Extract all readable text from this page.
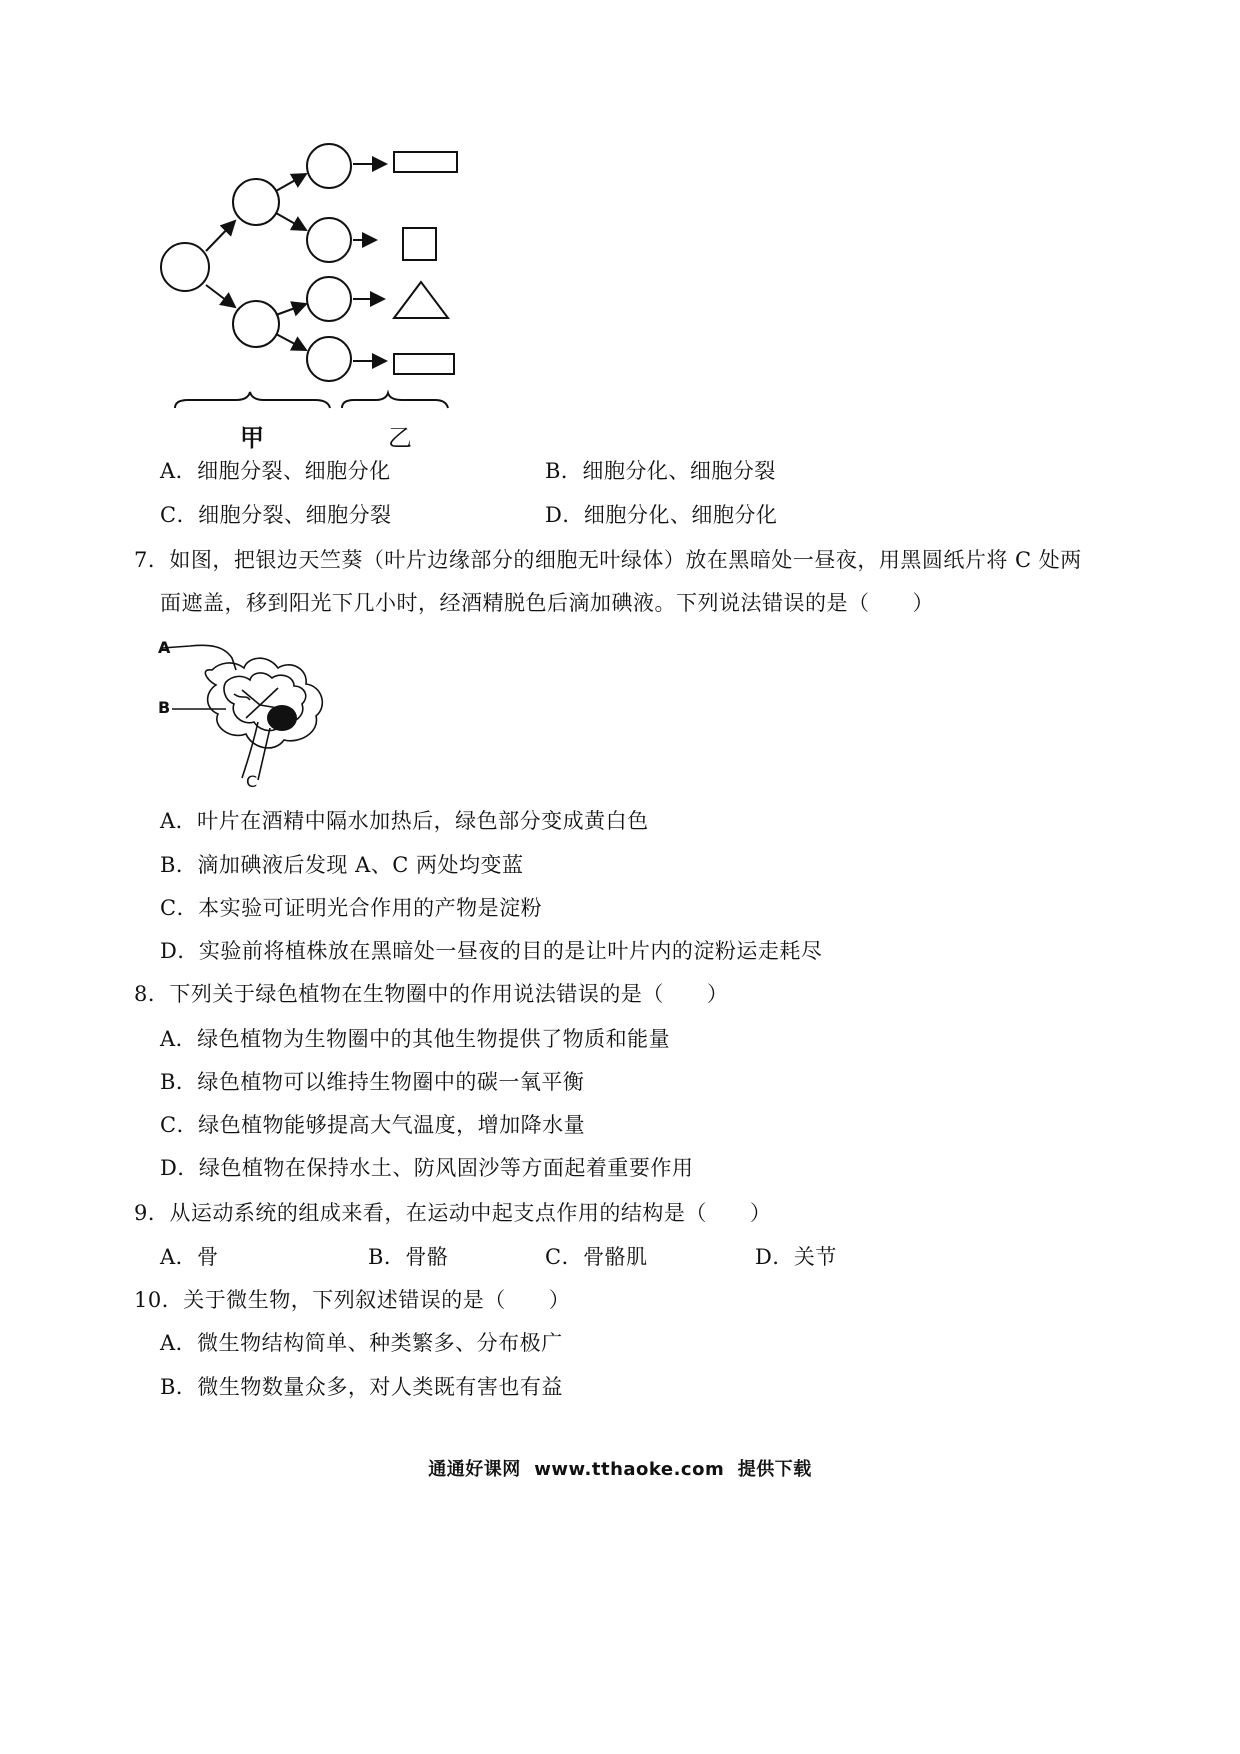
甲	乙
A．细胞分裂、细胞分化	B．细胞分化、细胞分裂
C．细胞分裂、细胞分裂	D．细胞分化、细胞分化
7．如图，把银边天竺葵（叶片边缘部分的细胞无叶绿体）放在黑暗处一昼夜，用黑圆纸片将 C 处两
面遮盖，移到阳光下几小时，经酒精脱色后滴加碘液。下列说法错误的是（　　）
A
B
C
A．叶片在酒精中隔水加热后，绿色部分变成黄白色
B．滴加碘液后发现 A、C 两处均变蓝
C．本实验可证明光合作用的产物是淀粉
D．实验前将植株放在黑暗处一昼夜的目的是让叶片内的淀粉运走耗尽
8．下列关于绿色植物在生物圈中的作用说法错误的是（　　）
A．绿色植物为生物圈中的其他生物提供了物质和能量
B．绿色植物可以维持生物圈中的碳一氧平衡
C．绿色植物能够提高大气温度，增加降水量
D．绿色植物在保持水土、防风固沙等方面起着重要作用
9．从运动系统的组成来看，在运动中起支点作用的结构是（　　）
A．骨	B．骨骼	C．骨骼肌	D．关节
10．关于微生物，下列叙述错误的是（　　）
A．微生物结构简单、种类繁多、分布极广
B．微生物数量众多，对人类既有害也有益
通通好课网  www.tthaoke.com  提供下载
